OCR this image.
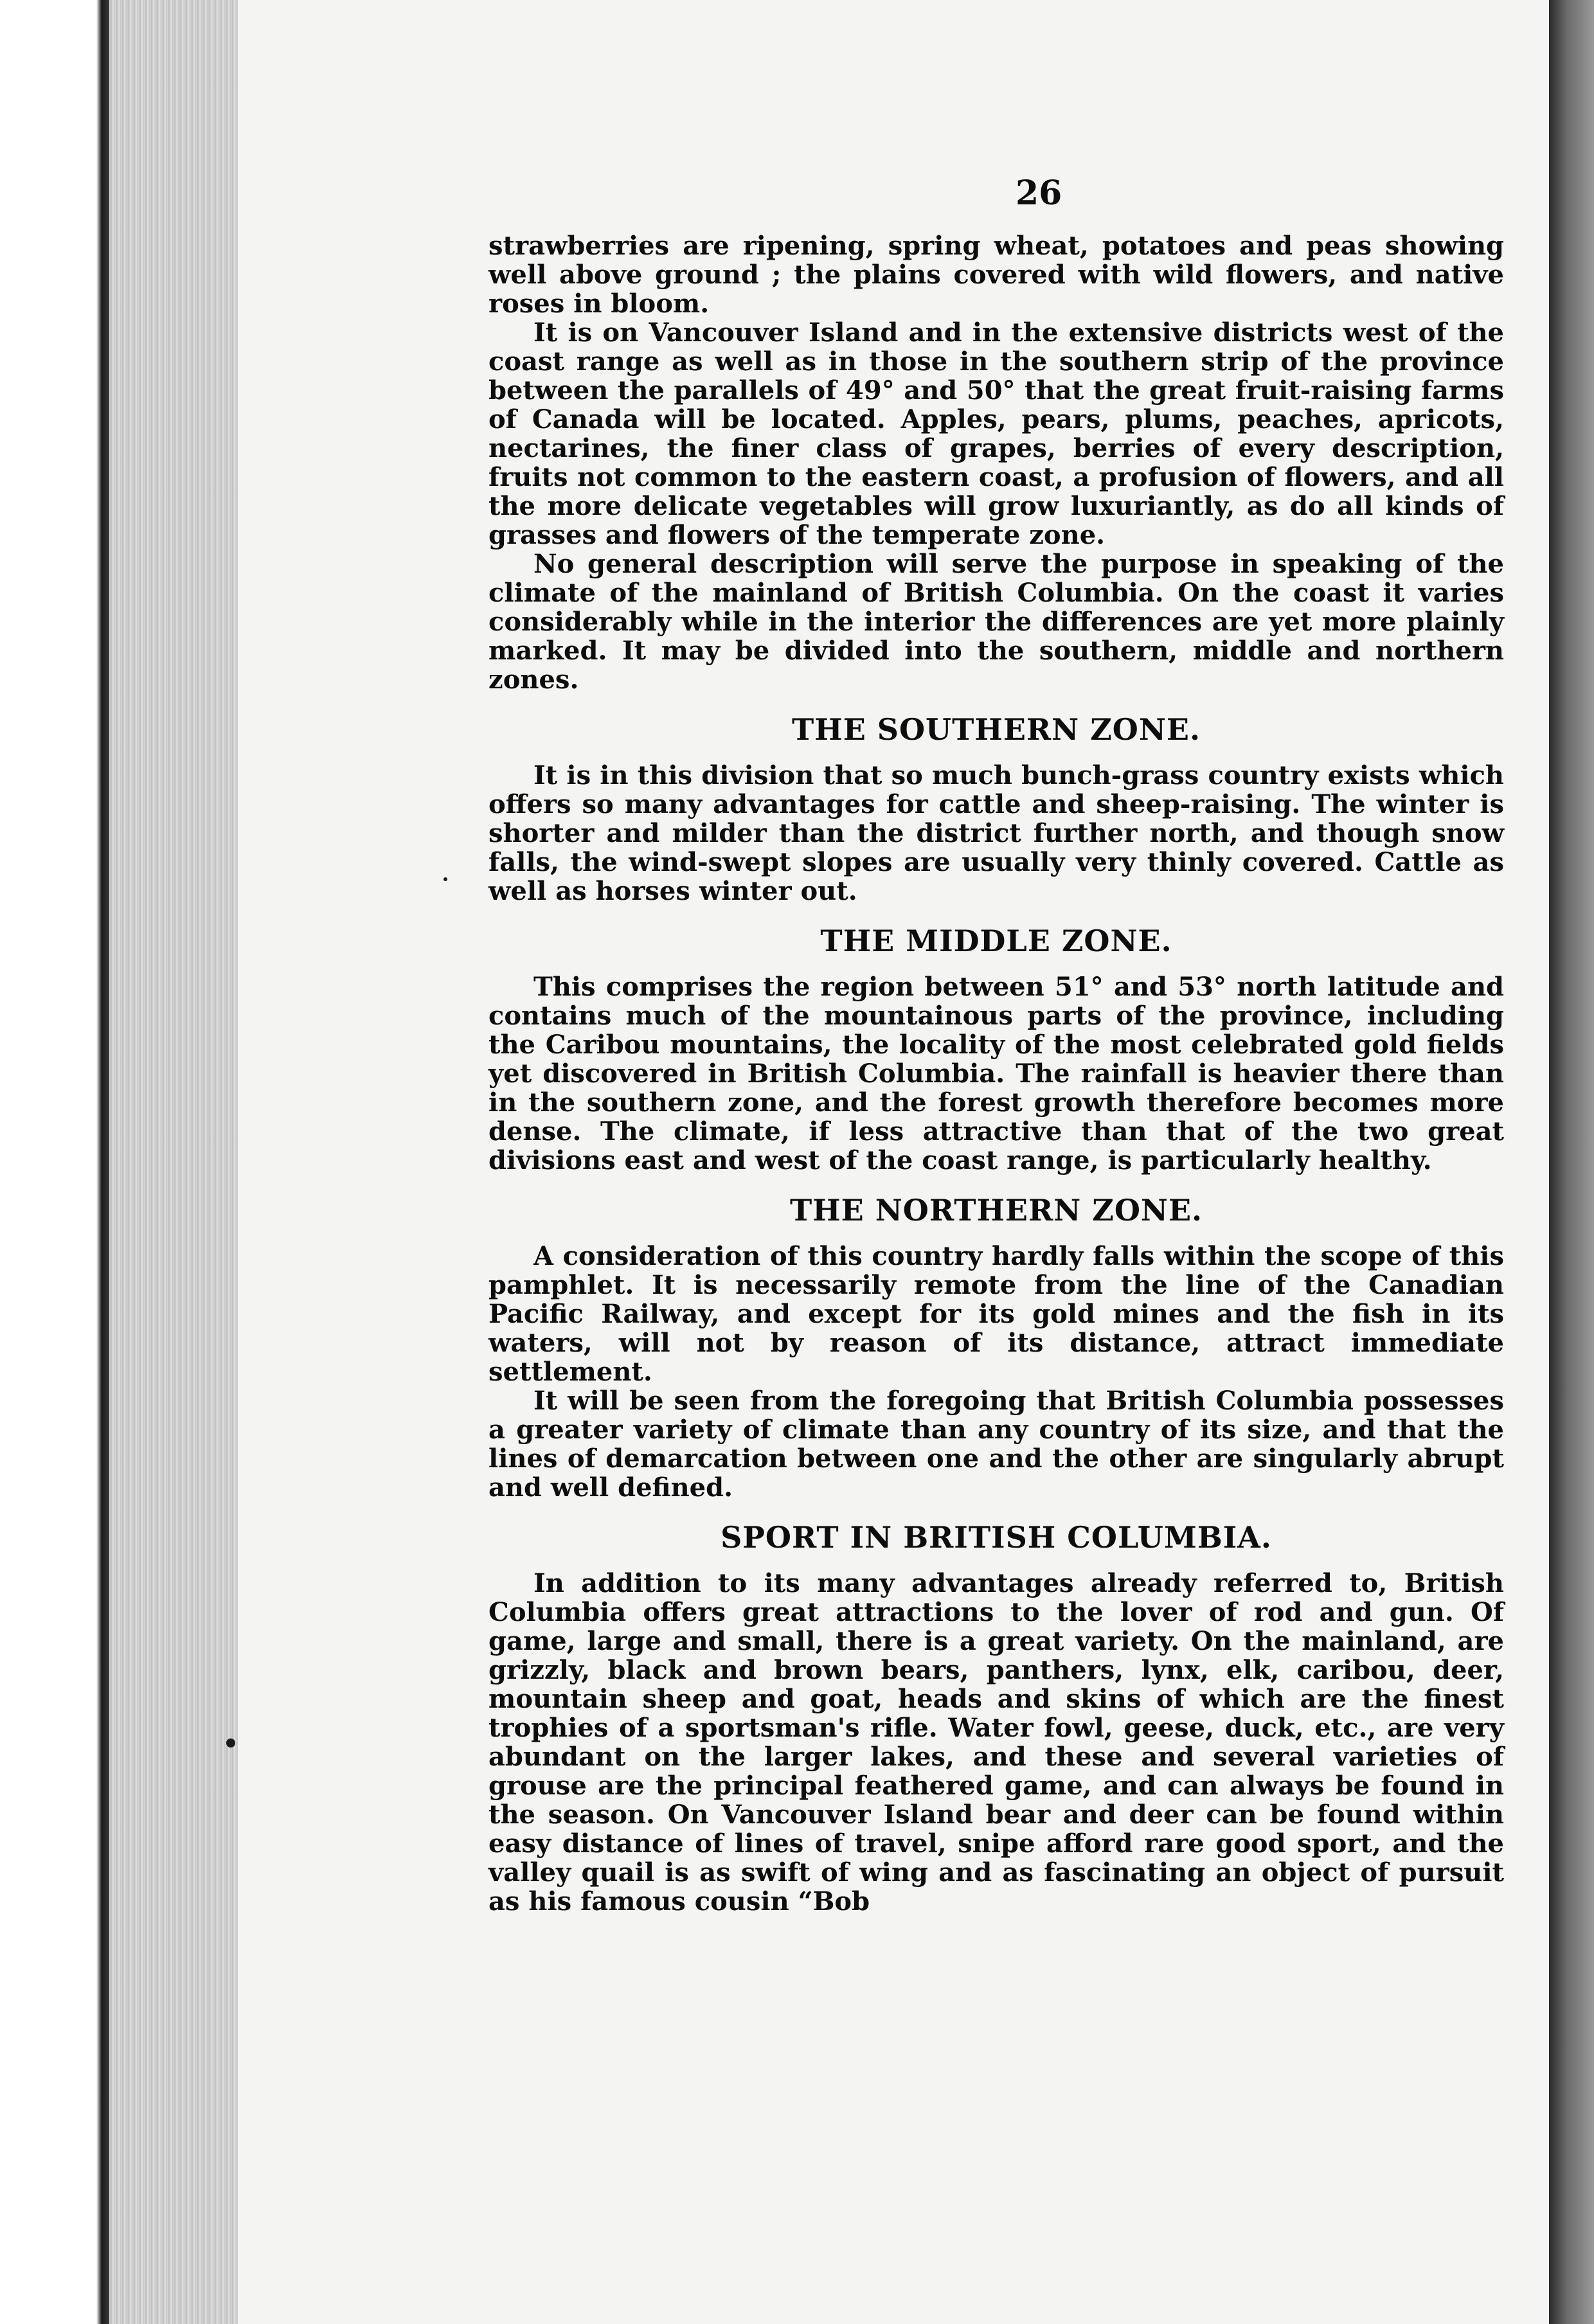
26

strawberries are ripening, spring wheat, potatoes and peas showing well above ground ; the plains covered with wild flowers, and native roses in bloom.

It is on Vancouver Island and in the extensive districts west of the coast range as well as in those in the southern strip of the province between the parallels of 49° and 50° that the great fruit-raising farms of Canada will be located. Apples, pears, plums, peaches, apricots, nectarines, the finer class of grapes, berries of every description, fruits not common to the eastern coast, a profusion of flowers, and all the more delicate vegetables will grow luxuriantly, as do all kinds of grasses and flowers of the temperate zone.

No general description will serve the purpose in speaking of the climate of the mainland of British Columbia. On the coast it varies considerably while in the interior the differences are yet more plainly marked. It may be divided into the southern, middle and northern zones.

THE SOUTHERN ZONE.

It is in this division that so much bunch-grass country exists which offers so many advantages for cattle and sheep-raising. The winter is shorter and milder than the district further north, and though snow falls, the wind-swept slopes are usually very thinly covered. Cattle as well as horses winter out.

THE MIDDLE ZONE.

This comprises the region between 51° and 53° north latitude and contains much of the mountainous parts of the province, including the Caribou mountains, the locality of the most celebrated gold fields yet discovered in British Columbia. The rainfall is heavier there than in the southern zone, and the forest growth therefore becomes more dense. The climate, if less attractive than that of the two great divisions east and west of the coast range, is particularly healthy.

THE NORTHERN ZONE.

A consideration of this country hardly falls within the scope of this pamphlet. It is necessarily remote from the line of the Canadian Pacific Railway, and except for its gold mines and the fish in its waters, will not by reason of its distance, attract immediate settlement.

It will be seen from the foregoing that British Columbia possesses a greater variety of climate than any country of its size, and that the lines of demarcation between one and the other are singularly abrupt and well defined.

SPORT IN BRITISH COLUMBIA.

In addition to its many advantages already referred to, British Columbia offers great attractions to the lover of rod and gun. Of game, large and small, there is a great variety. On the mainland, are grizzly, black and brown bears, panthers, lynx, elk, caribou, deer, mountain sheep and goat, heads and skins of which are the finest trophies of a sportsman's rifle. Water fowl, geese, duck, etc., are very abundant on the larger lakes, and these and several varieties of grouse are the principal feathered game, and can always be found in the season. On Vancouver Island bear and deer can be found within easy distance of lines of travel, snipe afford rare good sport, and the valley quail is as swift of wing and as fascinating an object of pursuit as his famous cousin “Bob
